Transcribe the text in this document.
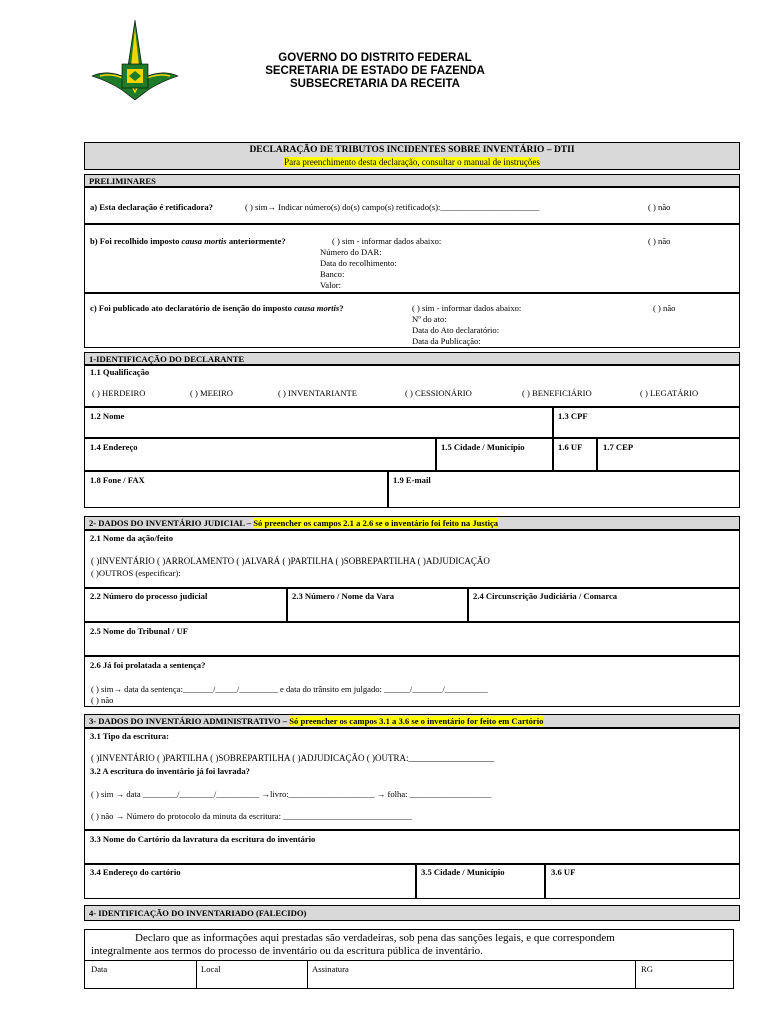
GOVERNO DO DISTRITO FEDERAL
SECRETARIA DE ESTADO DE FAZENDA
SUBSECRETARIA DA RECEITA
DECLARAÇÃO DE TRIBUTOS INCIDENTES SOBRE INVENTÁRIO – DTII
Para preenchimento desta declaração, consultar o manual de instruções
PRELIMINARES
a) Esta declaração é retificadora?	( ) sim→ Indicar número(s) do(s) campo(s) retificado(s):_______________________	( ) não
b) Foi recolhido imposto causa mortis anteriormente?	( ) sim - informar dados abaixo:	( ) não
Número do DAR:
Data do recolhimento:
Banco:
Valor:
c) Foi publicado ato declaratório de isenção do imposto causa mortis?	( ) sim - informar dados abaixo:	( ) não
Nº do ato:
Data do Ato declaratório:
Data da Publicação:
1-IDENTIFICAÇÃO DO DECLARANTE
1.1 Qualificação
( ) HERDEIRO	( ) MEEIRO	( ) INVENTARIANTE	( ) CESSIONÁRIO	( ) BENEFICIÁRIO	( ) LEGATÁRIO
1.2 Nome	1.3 CPF
1.4 Endereço	1.5 Cidade / Município	1.6 UF 1.7 CEP
1.8 Fone / FAX	1.9 E-mail
2- DADOS DO INVENTÁRIO JUDICIAL – Só preencher os campos 2.1 a 2.6 se o inventário foi feito na Justiça
2.1 Nome da ação/feito
( )INVENTÁRIO ( )ARROLAMENTO ( )ALVARÁ ( )PARTILHA ( )SOBREPARTILHA ( )ADJUDICAÇÃO
( )OUTROS (especificar):
2.2 Número do processo judicial	2.3 Número / Nome da Vara	2.4 Circunscrição Judiciária / Comarca
2.5 Nome do Tribunal / UF
2.6 Já foi prolatada a sentença?
( ) sim→ data da sentença:_______/_____/_________ e data do trânsito em julgado: ______/_______/__________
( ) não
3- DADOS DO INVENTÁRIO ADMINISTRATIVO – Só preencher os campos 3.1 a 3.6 se o inventário for feito em Cartório
3.1 Tipo da escritura:
( )INVENTÁRIO ( )PARTILHA ( )SOBREPARTILHA ( )ADJUDICAÇÃO ( )OUTRA:___________________
3.2 A escritura do inventário já foi lavrada?
( ) sim → data ________/________/__________ →livro:____________________ → folha: ___________________
( ) não → Número do protocolo da minuta da escritura: ______________________________
3.3 Nome do Cartório da lavratura da escritura do inventário
3.4 Endereço do cartório	3.5 Cidade / Município	3.6 UF
4- IDENTIFICAÇÃO DO INVENTARIADO (FALECIDO)
Declaro que as informações aqui prestadas são verdadeiras, sob pena das sanções legais, e que correspondem
integralmente aos termos do processo de inventário ou da escritura pública de inventário.
Data	Local	Assinatura	RG
